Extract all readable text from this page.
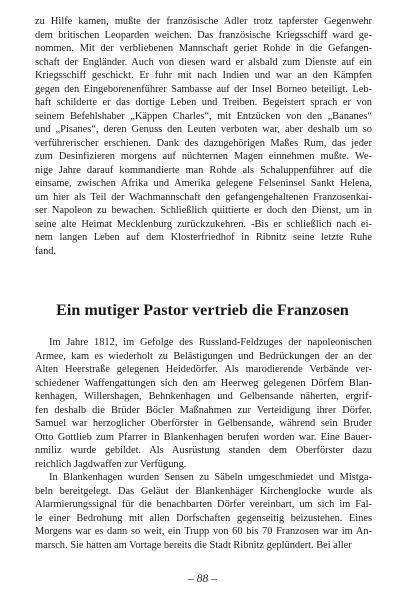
zu Hilfe kamen, mußte der französische Adler trotz tapferster Gegenwehr

dem britischen Leoparden weichen. Das französische Kriegsschiff ward ge-

nommen. Mit der verbliebenen Mannschaft geriet Rohde in die Gefangen-

schaft der Engländer. Auch von diesen ward er alsbald zum Dienste auf ein

Kriegsschiff geschickt. Er fuhr mit nach Indien und war an den Kämpfen

gegen den Eingeborenenführer Sambasse auf der Insel Borneo beteiligt. Leb-

haft schilderte er das dortige Leben und Treiben. Begeistert sprach er von

seinem Befehlshaber „Käppen Charles“, mit Entzücken von den „Bananes“

und „Pisanes“, deren Genuss den Leuten verboten war, aber deshalb um so

verführerischer erschienen. Dank des dazugehörigen Maßes Rum, das jeder

zum Desinfizieren morgens auf nüchternen Magen einnehmen mußte. We-

nige Jahre darauf kommandierte man Rohde als Schaluppenführer auf die

einsame, zwischen Afrika und Amerika gelegene Felseninsel Sankt Helena,

um hier als Teil der Wachmannschaft den gefangengehaltenen Franzosenkai-

ser Napoleon zu bewachen. Schließlich quittierte er doch den Dienst, um in

seine alte Heimat Mecklenburg zurückzukehren. -Bis er schließlich nach ei-

nem langen Leben auf dem Klosterfriedhof in Ribnitz seine letzte Ruhe

fand.

Ein mutiger Pastor vertrieb die Franzosen

Im Jahre 1812, im Gefolge des Russland-Feldzuges der napoleonischen

Armee, kam es wiederholt zu Belästigungen und Bedrückungen der an der

Alten Heerstraße gelegenen Heidedörfer. Als marodierende Verbände ver-

schiedener Waffengattungen sich den am Heerweg gelegenen Dörfern Blan-

kenhagen, Willershagen, Behnkenhagen und Gelbensande näherten, ergrif-

fen deshalb die Brüder Böcler Maßnahmen zur Verteidigung ihrer Dörfer.

Samuel war herzoglicher Oberförster in Gelbensande, während sein Bruder

Otto Gottlieb zum Pfarrer in Blankenhagen berufen worden war. Eine Bauer-

nmiliz wurde gebildet. Als Ausrüstung standen dem Oberförster dazu

reichlich Jagdwaffen zur Verfügung.

In Blankenhagen wurden Sensen zu Säbeln umgeschmiedet und Mistga-

beln bereitgelegt. Das Geläut der Blankenhäger Kirchenglocke wurde als

Alarmierungssignal für die benachbarten Dörfer vereinbart, um sich im Fal-

le einer Bedrohung mit allen Dorfschaften gegenseitig beizustehen. Eines

Morgens war es dann so weit, ein Trupp von 60 bis 70 Franzosen war im An-

marsch. Sie hatten am Vortage bereits die Stadt Ribnitz geplündert. Bei aller

– 88 –
